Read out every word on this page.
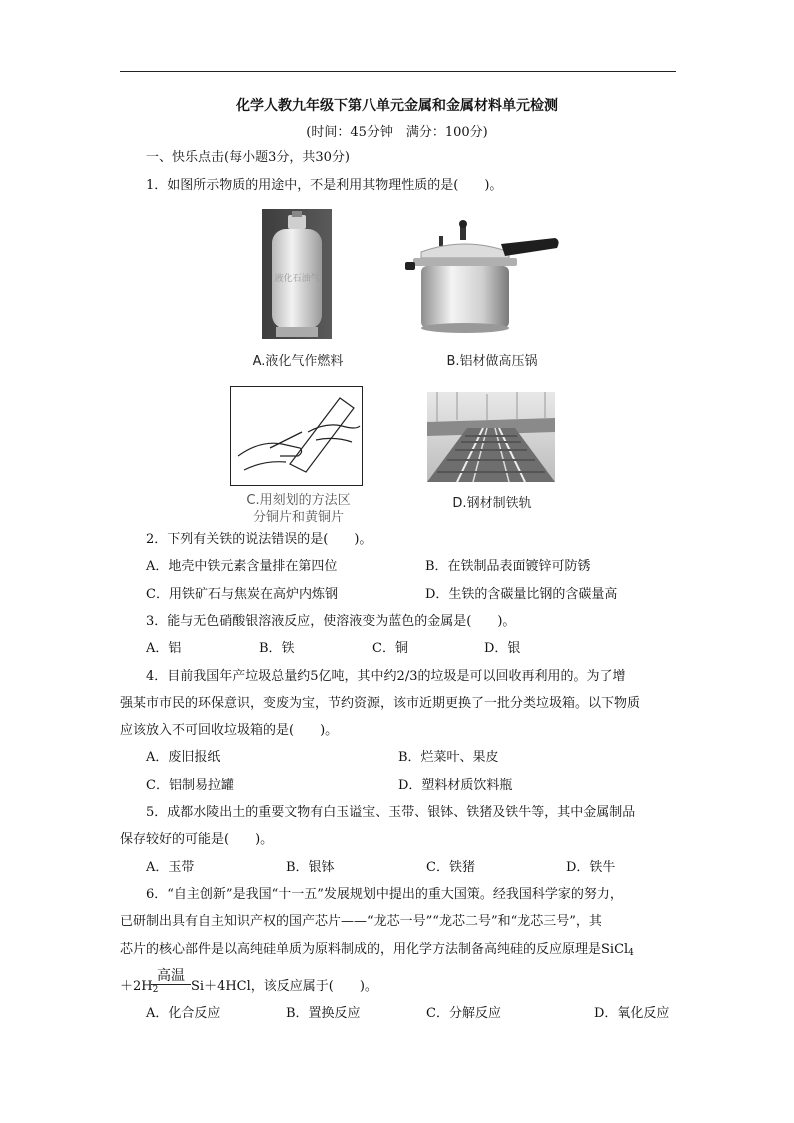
化学人教九年级下第八单元金属和金属材料单元检测
(时间：45分钟　满分：100分)
一、快乐点击(每小题3分，共30分)
1．如图所示物质的用途中，不是利用其物理性质的是(　　)。
液化石油气
A.液化气作燃料	B.铝材做高压锅
C.用刻划的方法区
分铜片和黄铜片
D.钢材制铁轨
2．下列有关铁的说法错误的是(　　)。
A．地壳中铁元素含量排在第四位	B．在铁制品表面镀锌可防锈
C．用铁矿石与焦炭在高炉内炼钢	D．生铁的含碳量比钢的含碳量高
3．能与无色硝酸银溶液反应，使溶液变为蓝色的金属是(　　)。
A．铝	B．铁	C．铜	D．银
4．目前我国年产垃圾总量约5亿吨，其中约2/3的垃圾是可以回收再利用的。为了增
强某市市民的环保意识，变废为宝，节约资源，该市近期更换了一批分类垃圾箱。以下物质
应该放入不可回收垃圾箱的是(　　)。
A．废旧报纸	B．烂菜叶、果皮
C．铝制易拉罐	D．塑料材质饮料瓶
5．成都水陵出土的重要文物有白玉谥宝、玉带、银钵、铁猪及铁牛等，其中金属制品
保存较好的可能是(　　)。
A．玉带	B．银钵	C．铁猪	D．铁牛
6．“自主创新”是我国“十一五”发展规划中提出的重大国策。经我国科学家的努力，
已研制出具有自主知识产权的国产芯片——“龙芯一号”“龙芯二号”和“龙芯三号”，其
芯片的核心部件是以高纯硅单质为原料制成的，用化学方法制备高纯硅的反应原理是SiCl$_4$
高温
$+2H_2$	Si＋4HCl，该反应属于(　　)。
A．化合反应	B．置换反应	C．分解反应	D．氧化反应
